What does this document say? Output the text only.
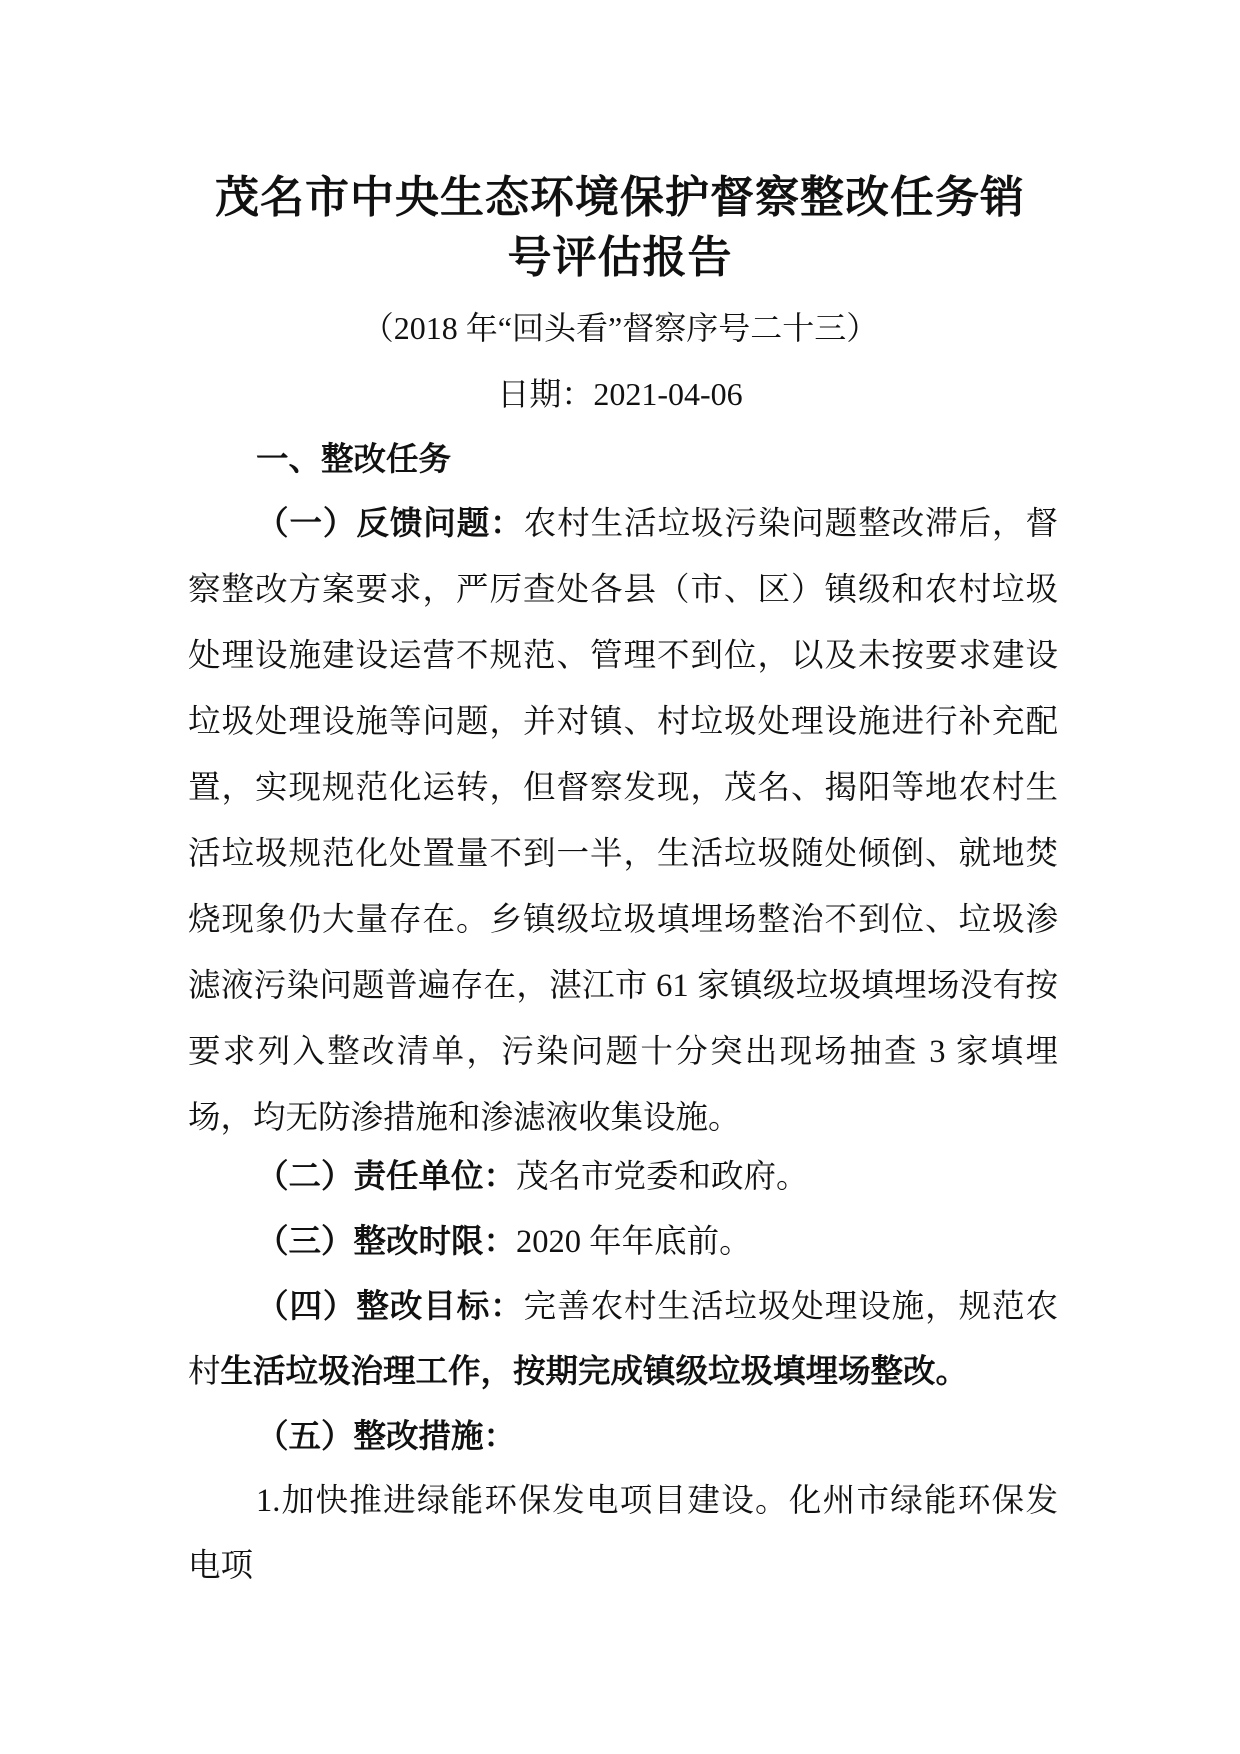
茂名市中央生态环境保护督察整改任务销
号评估报告
（2018 年“回头看”督察序号二十三）
日期：2021-04-06
一、整改任务
（一）反馈问题：农村生活垃圾污染问题整改滞后，督察整改方案要求，严厉查处各县（市、区）镇级和农村垃圾处理设施建设运营不规范、管理不到位，以及未按要求建设垃圾处理设施等问题，并对镇、村垃圾处理设施进行补充配置，实现规范化运转，但督察发现，茂名、揭阳等地农村生活垃圾规范化处置量不到一半，生活垃圾随处倾倒、就地焚烧现象仍大量存在。乡镇级垃圾填埋场整治不到位、垃圾渗滤液污染问题普遍存在，湛江市 61 家镇级垃圾填埋场没有按要求列入整改清单，污染问题十分突出现场抽查 3 家填埋场，均无防渗措施和渗滤液收集设施。
（二）责任单位：茂名市党委和政府。
（三）整改时限：2020 年年底前。
（四）整改目标：完善农村生活垃圾处理设施，规范农村生活垃圾治理工作，按期完成镇级垃圾填埋场整改。
（五）整改措施：
1.加快推进绿能环保发电项目建设。化州市绿能环保发电项
